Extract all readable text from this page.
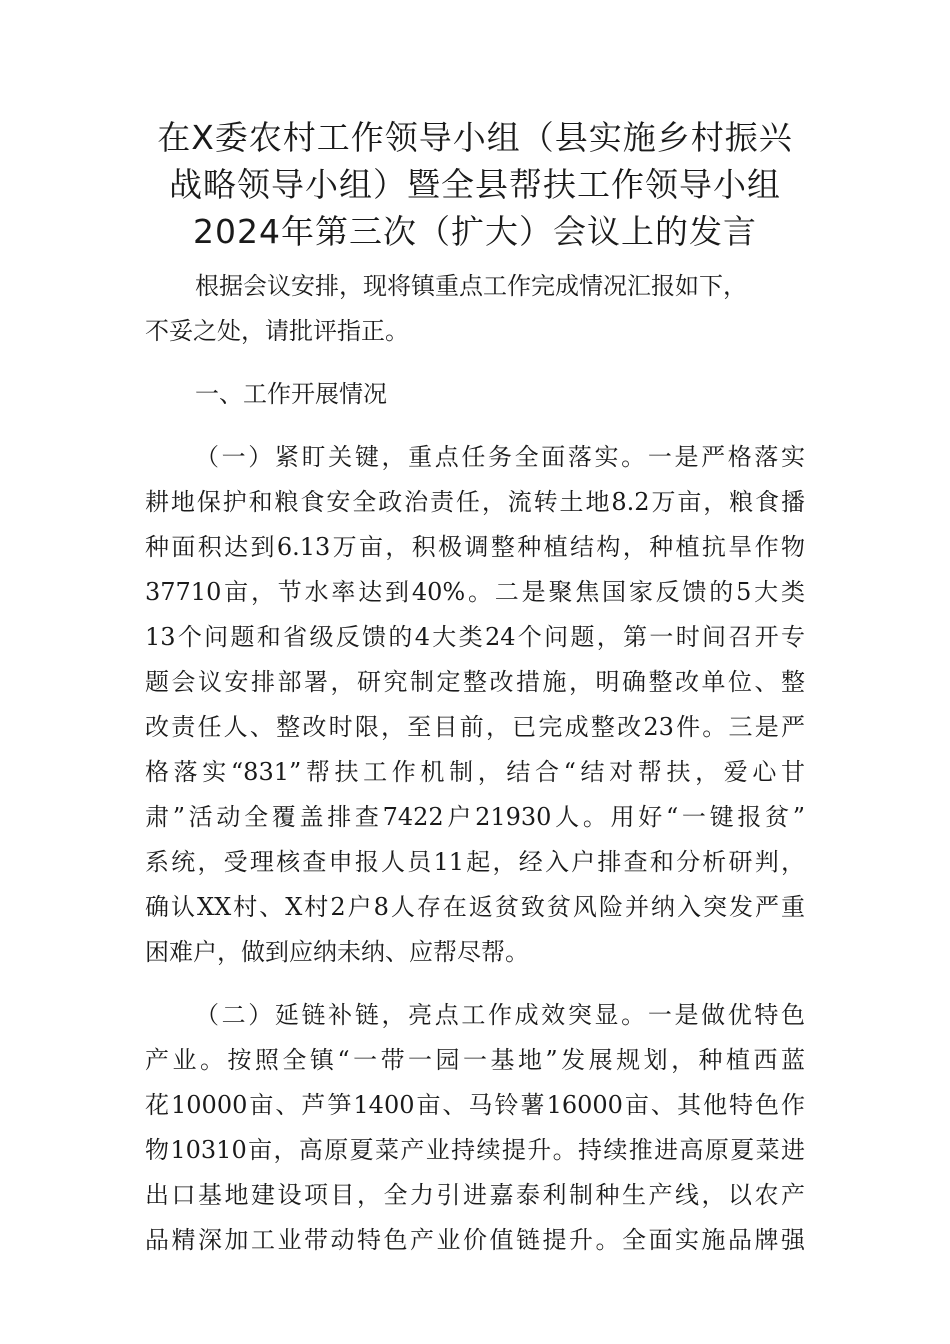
在X委农村工作领导小组（县实施乡村振兴
战略领导小组）暨全县帮扶工作领导小组
2024年第三次（扩大）会议上的发言

根据会议安排，现将镇重点工作完成情况汇报如下，
不妥之处，请批评指正。

一、工作开展情况

（一）紧盯关键，重点任务全面落实。一是严格落实
耕地保护和粮食安全政治责任，流转土地8.2万亩，粮食播
种面积达到6.13万亩，积极调整种植结构，种植抗旱作物
37710亩，节水率达到40%。二是聚焦国家反馈的5大类
13个问题和省级反馈的4大类24个问题，第一时间召开专
题会议安排部署，研究制定整改措施，明确整改单位、整
改责任人、整改时限，至目前，已完成整改23件。三是严
格落实“831”帮扶工作机制，结合“结对帮扶，爱心甘
肃”活动全覆盖排查7422户21930人。用好“一键报贫”
系统，受理核查申报人员11起，经入户排查和分析研判，
确认XX村、X村2户8人存在返贫致贫风险并纳入突发严重
困难户，做到应纳未纳、应帮尽帮。

（二）延链补链，亮点工作成效突显。一是做优特色
产业。按照全镇“一带一园一基地”发展规划，种植西蓝
花10000亩、芦笋1400亩、马铃薯16000亩、其他特色作
物10310亩，高原夏菜产业持续提升。持续推进高原夏菜进
出口基地建设项目，全力引进嘉泰利制种生产线，以农产
品精深加工业带动特色产业价值链提升。全面实施品牌强
